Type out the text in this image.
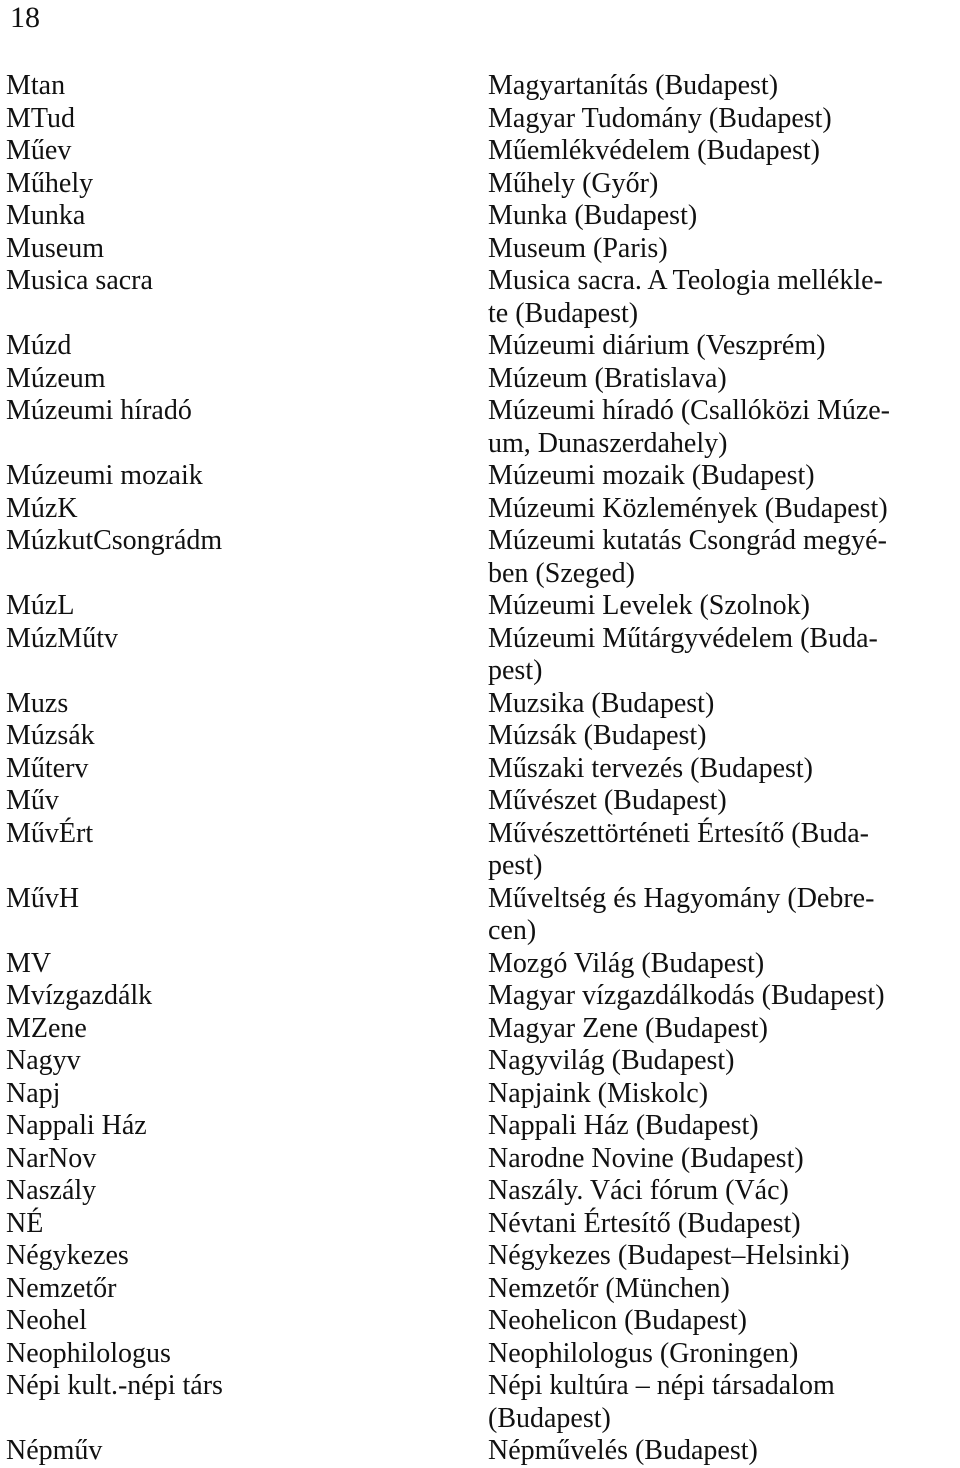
18
Mtan	Magyartanítás (Budapest)
MTud	Magyar Tudomány (Budapest)
Műev	Műemlékvédelem (Budapest)
Műhely	Műhely (Győr)
Munka	Munka (Budapest)
Museum	Museum (Paris)
Musica sacra	Musica sacra. A Teologia mellékle-
te (Budapest)
Múzd	Múzeumi diárium (Veszprém)
Múzeum	Múzeum (Bratislava)
Múzeumi híradó	Múzeumi híradó (Csallóközi Múze-
um, Dunaszerdahely)
Múzeumi mozaik	Múzeumi mozaik (Budapest)
MúzK	Múzeumi Közlemények (Budapest)
MúzkutCsongrádm	Múzeumi kutatás Csongrád megyé-
ben (Szeged)
MúzL	Múzeumi Levelek (Szolnok)
MúzMűtv	Múzeumi Műtárgyvédelem (Buda-
pest)
Muzs	Muzsika (Budapest)
Múzsák	Múzsák (Budapest)
Műterv	Műszaki tervezés (Budapest)
Műv	Művészet (Budapest)
MűvÉrt	Művészettörténeti Értesítő (Buda-
pest)
MűvH	Műveltség és Hagyomány (Debre-
cen)
MV	Mozgó Világ (Budapest)
Mvízgazdálk	Magyar vízgazdálkodás (Budapest)
MZene	Magyar Zene (Budapest)
Nagyv	Nagyvilág (Budapest)
Napj	Napjaink (Miskolc)
Nappali Ház	Nappali Ház (Budapest)
NarNov	Narodne Novine (Budapest)
Naszály	Naszály. Váci fórum (Vác)
NÉ	Névtani Értesítő (Budapest)
Négykezes	Négykezes (Budapest–Helsinki)
Nemzetőr	Nemzetőr (München)
Neohel	Neohelicon (Budapest)
Neophilologus	Neophilologus (Groningen)
Népi kult.-népi társ	Népi kultúra – népi társadalom
(Budapest)
Népműv	Népművelés (Budapest)
